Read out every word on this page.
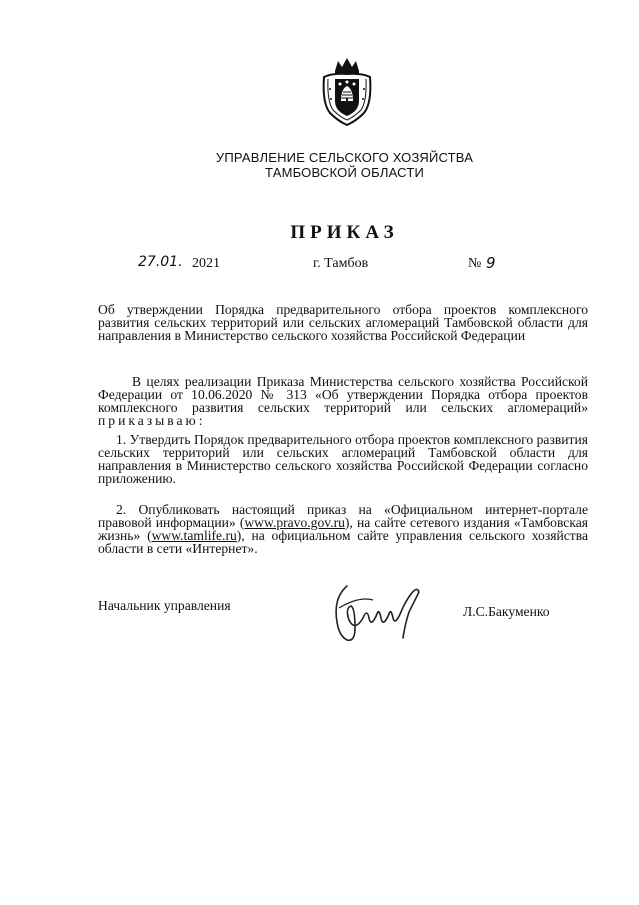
УПРАВЛЕНИЕ СЕЛЬСКОГО ХОЗЯЙСТВА
ТАМБОВСКОЙ ОБЛАСТИ
ПРИКАЗ
27.01. 2021	г. Тамбов	№ 9
Об утверждении Порядка предварительного отбора проектов комплексного развития сельских территорий или сельских агломераций Тамбовской области для направления в Министерство сельского хозяйства Российской Федерации
В целях реализации Приказа Министерства сельского хозяйства Российской Федерации от 10.06.2020 № 313 «Об утверждении Порядка отбора проектов комплексного развития сельских территорий или сельских агломераций» приказываю:
1. Утвердить Порядок предварительного отбора проектов комплексного развития сельских территорий или сельских агломераций Тамбовской области для направления в Министерство сельского хозяйства Российской Федерации согласно приложению.
2. Опубликовать настоящий приказ на «Официальном интернет-портале правовой информации» (www.pravo.gov.ru), на сайте сетевого издания «Тамбовская жизнь» (www.tamlife.ru), на официальном сайте управления сельского хозяйства области в сети «Интернет».
Начальник управления	Л.С.Бакуменко
